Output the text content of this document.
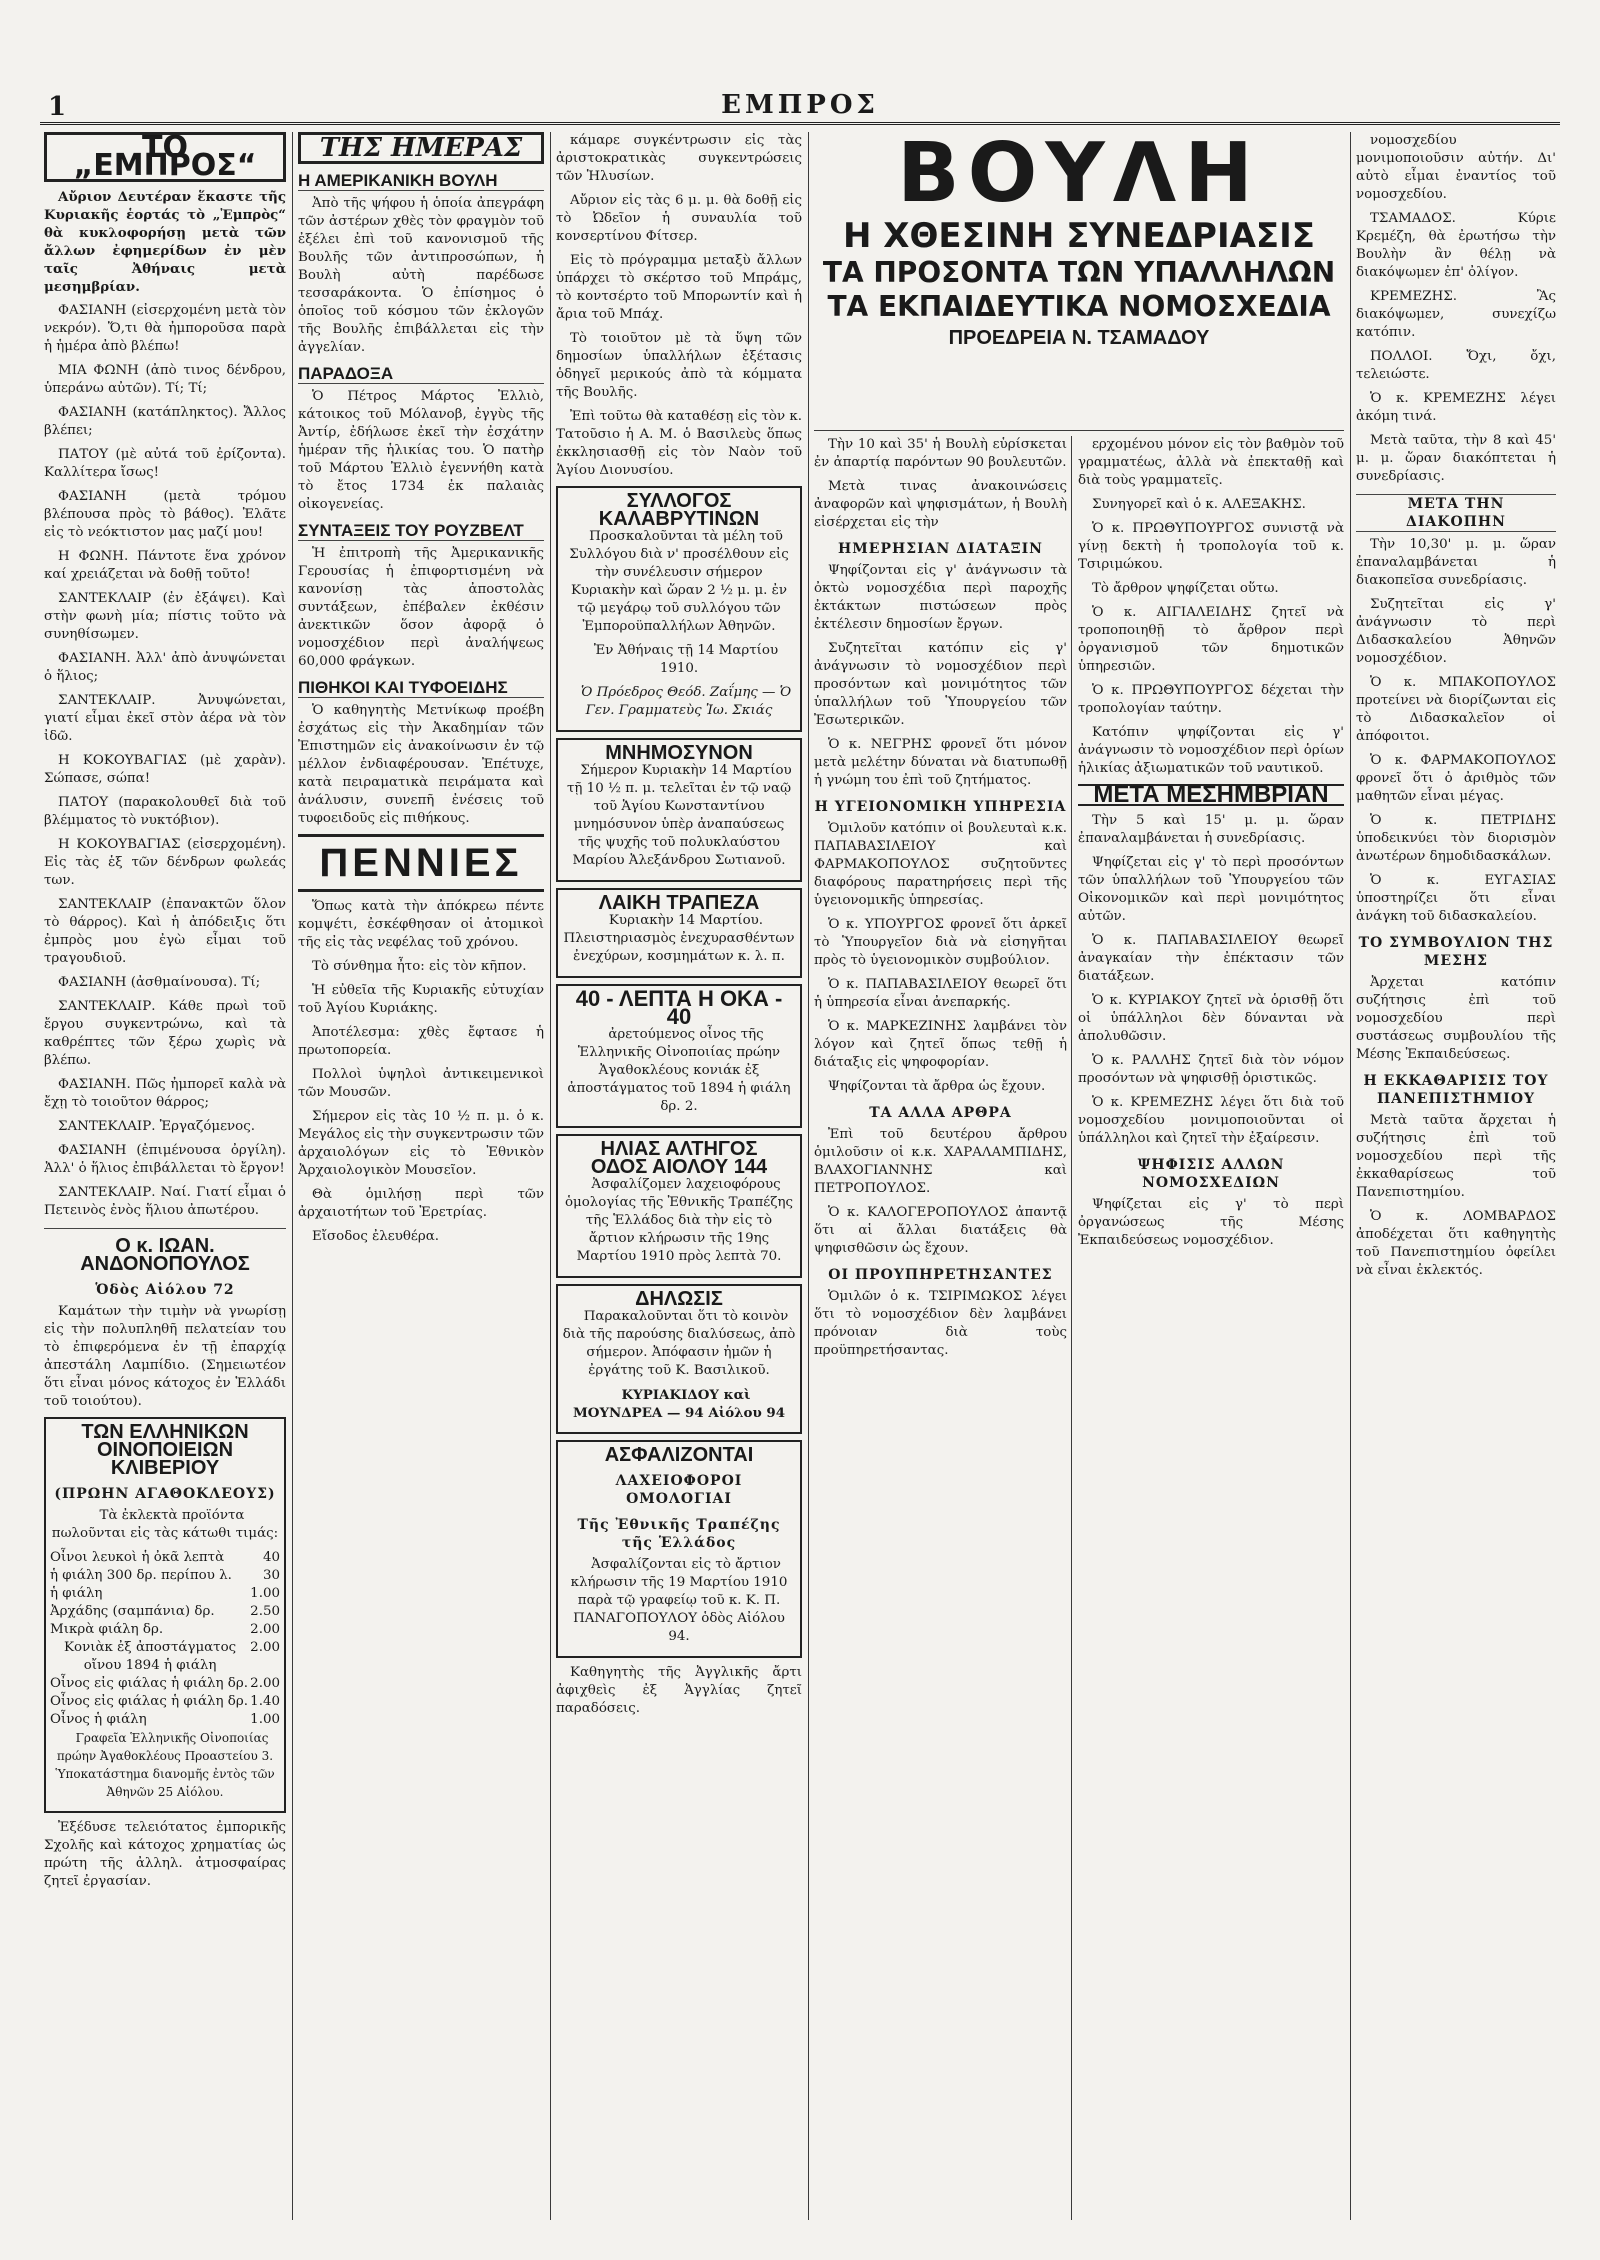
1	ΕΜΠΡΟΣ
ΤΟ „ΕΜΠΡΟΣ“

Αὔριον Δευτέραν ἕκαστε τῆς Κυριακῆς ἑορτάς τὸ „Ἐμπρὸς“ θὰ κυκλοφορήσῃ μετὰ τῶν ἄλλων ἐφημερίδων ἐν μὲν ταῖς Ἀθήναις μετὰ μεσημβρίαν.

ΦΑΣΙΑΝΗ (εἰσερχομένη μετὰ τὸν νεκρόν). Ὅ,τι θὰ ἠμποροῦσα παρὰ ἡ ἡμέρα ἀπὸ βλέπω!

ΜΙΑ ΦΩΝΗ (ἀπὸ τινος δένδρου, ὑπεράνω αὐτῶν). Τί; Τί;

ΦΑΣΙΑΝΗ (κατάπληκτος). Ἄλλος βλέπει;

ΠΑΤΟΥ (μὲ αὐτά τοῦ ἐρίζοντα). Καλλίτερα ἴσως!

ΦΑΣΙΑΝΗ (μετὰ τρόμου βλέπουσα πρὸς τὸ βάθος). Ἐλᾶτε εἰς τὸ νεόκτιστον μας μαζί μου!

Η ΦΩΝΗ. Πάντοτε ἕνα χρόνον καί χρειάζεται νὰ δοθῇ τοῦτο!

ΣΑΝΤΕΚΛΑΙΡ (ἐν ἐξάψει). Καὶ στὴν φωνὴ μία; πίστις τοῦτο νὰ συνηθίσωμεν.

ΦΑΣΙΑΝΗ. Ἀλλ' ἀπὸ ἀνυψώνεται ὁ ἥλιος;

ΣΑΝΤΕΚΛΑΙΡ. Ἀνυψώνεται, γιατί εἶμαι ἐκεῖ στὸν ἀέρα νὰ τὸν ἰδῶ.

Η ΚΟΚΟΥΒΑΓΙΑΣ (μὲ χαρὰν). Σώπασε, σώπα!

ΠΑΤΟΥ (παρακολουθεῖ διὰ τοῦ βλέμματος τὸ νυκτόβιον).

Η ΚΟΚΟΥΒΑΓΙΑΣ (εἰσερχομένη). Εἰς τὰς ἑξ τῶν δένδρων φωλεάς των.

ΣΑΝΤΕΚΛΑΙΡ (ἐπανακτῶν ὅλον τὸ θάρρος). Καὶ ἡ ἀπόδειξις ὅτι ἐμπρὸς μου ἐγὼ εἶμαι τοῦ τραγουδιοῦ.

ΦΑΣΙΑΝΗ (ἀσθμαίνουσα). Τί;

ΣΑΝΤΕΚΛΑΙΡ. Κάθε πρωὶ τοῦ ἔργου συγκεντρώνω, καὶ τὰ καθρέπτες τῶν ξέρω χωρὶς νὰ βλέπω.

ΦΑΣΙΑΝΗ. Πῶς ἠμπορεῖ καλὰ νὰ ἔχῃ τὸ τοιοῦτον θάρρος;

ΣΑΝΤΕΚΛΑΙΡ. Ἐργαζόμενος.

ΦΑΣΙΑΝΗ (ἐπιμένουσα ὀργίλη). Ἀλλ' ὁ ἥλιος ἐπιβάλλεται τὸ ἔργον!

ΣΑΝΤΕΚΛΑΙΡ. Ναί. Γιατί εἶμαι ὁ Πετεινὸς ἐνὸς ἥλιου ἀπωτέρου.

Ο κ. ΙΩΑΝ. ΑΝΔΟΝΟΠΟΥΛΟΣ
Ὁδὸς Αἰόλου 72

Καμάτων τὴν τιμὴν νὰ γνωρίσῃ εἰς τὴν πολυπληθῆ πελατείαν του τὸ ἐπιφερόμενα ἐν τῇ ἐπαρχίᾳ ἀπεστάλη Λαμπίδιο. (Σημειωτέον ὅτι εἶναι μόνος κάτοχος ἐν Ἑλλάδι τοῦ τοιούτου).

ΤΩΝ ΕΛΛΗΝΙΚΩΝ ΟΙΝΟΠΟΙΕΙΩΝ ΚΛΙΒΕΡΙΟΥ
(ΠΡΩΗΝ ΑΓΑΘΟΚΛΕΟΥΣ)

Τὰ ἐκλεκτὰ προϊόντα πωλοῦνται εἰς τὰς κάτωθι τιμάς:

Οἶνοι λευκοὶ ἡ ὀκᾶ λεπτὰ	40
ἡ φιάλη 300 δρ. περίπου λ. 30
ἡ φιάλη	1.00
Ἀρχάδης (σαμπάνια) δρ.	2.50
Μικρὰ φιάλη δρ.	2.00
Κονιὰκ ἐξ ἀποστάγματος οἴνου 1894 ἡ φιάλη
2.00
Οἶνος εἰς φιάλας ἡ φιάλη δρ. 2.00
Οἶνος εἰς φιάλας ἡ φιάλη δρ. 1.40
Οἶνος ἡ φιάλη	1.00

Γραφεῖα Ἑλληνικῆς Οἰνοποιίας πρώην Ἀγαθοκλέους Προαστείου 3. Ὑποκατάστημα διανομῆς ἐντὸς τῶν Ἀθηνῶν 25 Αἰόλου.

Ἐξέδυσε τελειότατος ἐμπορικῆς Σχολῆς καὶ κάτοχος χρηματίας ὡς πρώτη τῆς ἀλληλ. ἀτμοσφαίρας ζητεῖ ἐργασίαν.

ΤΗΣ ΗΜΕΡΑΣ
Η ΑΜΕΡΙΚΑΝΙΚΗ ΒΟΥΛΗ

Ἀπὸ τῆς ψήφου ἡ ὁποία ἀπεγράφη τῶν ἀστέρων χθὲς τὸν φραγμὸν τοῦ ἐξέλει ἐπὶ τοῦ κανονισμοῦ τῆς Βουλῆς τῶν ἀντιπροσώπων, ἡ Βουλὴ αὐτὴ παρέδωσε τεσσαράκοντα. Ὁ ἐπίσημος ὁ ὁποῖος τοῦ κόσμου τῶν ἐκλογῶν τῆς Βουλῆς ἐπιβάλλεται εἰς τὴν ἀγγελίαν.

ΠΑΡΑΔΟΞΑ

Ὁ Πέτρος Μάρτος Ἐλλιὸ, κάτοικος τοῦ Μόλανοβ, ἐγγὺς τῆς Ἀντίρ, ἐδήλωσε ἐκεῖ τὴν ἐσχάτην ἡμέραν τῆς ἡλικίας του. Ὁ πατὴρ τοῦ Μάρτου Ἐλλιὸ ἐγεννήθη κατὰ τὸ ἔτος 1734 ἐκ παλαιὰς οἰκογενείας.

ΣΥΝΤΑΞΕΙΣ ΤΟΥ ΡΟΥΖΒΕΛΤ

Ἡ ἐπιτροπὴ τῆς Ἀμερικανικῆς Γερουσίας ἡ ἐπιφορτισμένη νὰ κανονίσῃ τὰς ἀποστολὰς συντάξεων, ἐπέβαλεν ἐκθέσιν ἀνεκτικῶν ὅσον ἀφορᾷ ὁ νομοσχέδιον περὶ ἀναλήψεως 60,000 φράγκων.

ΠΙΘΗΚΟΙ ΚΑΙ ΤΥΦΟΕΙΔΗΣ

Ὁ καθηγητὴς Μετνίκωφ προέβη ἐσχάτως εἰς τὴν Ἀκαδημίαν τῶν Ἐπιστημῶν εἰς ἀνακοίνωσιν ἐν τῷ μέλλον ἐνδιαφέρουσαν. Ἐπέτυχε, κατὰ πειραματικὰ πειράματα καὶ ἀνάλυσιν, συνεπῆ ἐνέσεις τοῦ τυφοειδοῦς εἰς πιθήκους.

ΠΕΝΝΙΕΣ

Ὅπως κατὰ τὴν ἀπόκρεω πέντε κομψέτι, ἐσκέφθησαν οἱ ἀτομικοὶ τῆς εἰς τὰς νεφέλας τοῦ χρόνου.

Τὸ σύνθημα ἦτο: εἰς τὸν κῆπον.

Ἡ εὐθεῖα τῆς Κυριακῆς εὐτυχίαν τοῦ Ἀγίου Κυριάκης.

Ἀποτέλεσμα: χθὲς ἔφτασε ἡ πρωτοπορεία.

Πολλοὶ ὑψηλοὶ ἀντικειμενικοὶ τῶν Μουσῶν.

Σήμερον εἰς τὰς 10 ½ π. μ. ὁ κ. Μεγάλος εἰς τὴν συγκεντρωσιν τῶν ἀρχαιολόγων εἰς τὸ Ἐθνικὸν Ἀρχαιολογικὸν Μουσεῖον.

Θὰ ὁμιλήσῃ περὶ τῶν ἀρχαιοτήτων τοῦ Ἐρετρίας.

Εἴσοδος ἐλευθέρα.

κάμαρε συγκέντρωσιν εἰς τὰς ἀριστοκρατικὰς συγκεντρώσεις τῶν Ἡλυσίων.

Αὔριον εἰς τὰς 6 μ. μ. θὰ δοθῇ εἰς τὸ Ὠδεῖον ἡ συναυλία τοῦ κονσερτίνου Φίτσερ.

Εἰς τὸ πρόγραμμα μεταξὺ ἄλλων ὑπάρχει τὸ σκέρτσο τοῦ Μπράμς, τὸ κοντσέρτο τοῦ Μπορωντίν καὶ ἡ ἄρια τοῦ Μπάχ.

Τὸ τοιοῦτον μὲ τὰ ὕψη τῶν δημοσίων ὑπαλλήλων ἐξέτασις ὁδηγεῖ μερικούς ἀπὸ τὰ κόμματα τῆς Βουλῆς.

Ἐπὶ τοῦτω θὰ καταθέσῃ εἰς τὸν κ. Τατοῦσιο ἡ Α. Μ. ὁ Βασιλεὺς ὅπως ἐκκλησιασθῇ εἰς τὸν Ναὸν τοῦ Ἁγίου Διονυσίου.

ΣΥΛΛΟΓΟΣ ΚΑΛΑΒΡΥΤΙΝΩΝ

Προσκαλοῦνται τὰ μέλη τοῦ Συλλόγου διὰ ν' προσέλθουν εἰς τὴν συνέλευσιν σήμερον Κυριακὴν καὶ ὥραν 2 ½ μ. μ. ἐν τῷ μεγάρῳ τοῦ συλλόγου τῶν Ἐμποροϋπαλλήλων Ἀθηνῶν.

Ἐν Ἀθήναις τῇ 14 Μαρτίου 1910.

Ὁ Πρόεδρος Θεόδ. Ζαΐμης — Ὁ Γεν. Γραμματεὺς Ἰω. Σκιάς

ΜΝΗΜΟΣΥΝΟΝ

Σήμερον Κυριακὴν 14 Μαρτίου τῇ 10 ½ π. μ. τελεῖται ἐν τῷ ναῷ τοῦ Ἁγίου Κωνσταντίνου μνημόσυνον ὑπὲρ ἀναπαύσεως τῆς ψυχῆς τοῦ πολυκλαύστου Μαρίου Ἀλεξάνδρου Σωτιανοῦ.

ΛΑΙΚΗ ΤΡΑΠΕΖΑ

Κυριακὴν 14 Μαρτίου. Πλειστηριασμὸς ἐνεχυρασθέντων ἐνεχύρων, κοσμημάτων κ. λ. π.

40 - ΛΕΠΤΑ Η ΟΚΑ - 40

ἀρετούμενος οἶνος τῆς Ἑλληνικῆς Οἰνοποιίας πρώην Ἀγαθοκλέους κονιάκ ἐξ ἀποστάγματος τοῦ 1894 ἡ φιάλη δρ. 2.

ΗΛΙΑΣ ΑΛΤΗΓΟΣ
ΟΔΟΣ ΑΙΟΛΟΥ 144

Ἀσφαλίζομεν λαχειοφόρους ὁμολογίας τῆς Ἐθνικῆς Τραπέζης τῆς Ἑλλάδος διὰ τὴν εἰς τὸ ἄρτιον κλήρωσιν τῆς 19ης Μαρτίου 1910 πρὸς λεπτὰ 70.

ΔΗΛΩΣΙΣ

Παρακαλοῦνται ὅτι τὸ κοινὸν διὰ τῆς παρούσης διαλύσεως, ἀπὸ σήμερον. Ἀπόφασιν ἠμῶν ἡ ἐργάτης τοῦ Κ. Βασιλικοῦ.

ΚΥΡΙΑΚΙΔΟΥ καὶ ΜΟΥΝΔΡΕΑ — 94 Αἰόλου 94

ΑΣΦΑΛΙΖΟΝΤΑΙ
ΛΑΧΕΙΟΦΟΡΟΙ ΟΜΟΛΟΓΙΑΙ
Τῆς Ἐθνικῆς Τραπέζης τῆς Ἑλλάδος

Ἀσφαλίζονται εἰς τὸ ἄρτιον κλήρωσιν τῆς 19 Μαρτίου 1910 παρὰ τῷ γραφείῳ τοῦ κ. Κ. Π. ΠΑΝΑΓΟΠΟΥΛΟΥ ὁδὸς Αἰόλου 94.

Καθηγητὴς τῆς Ἀγγλικῆς ἄρτι ἀφιχθεὶς ἐξ Ἀγγλίας ζητεῖ παραδόσεις.

ΒΟΥΛΗ
Η ΧΘΕΣΙΝΗ ΣΥΝΕΔΡΙΑΣΙΣ
ΤΑ ΠΡΟΣΟΝΤΑ ΤΩΝ ΥΠΑΛΛΗΛΩΝ
ΤΑ ΕΚΠΑΙΔΕΥΤΙΚΑ ΝΟΜΟΣΧΕΔΙΑ
ΠΡΟΕΔΡΕΙΑ Ν. ΤΣΑΜΑΔΟΥ

Τὴν 10 καὶ 35' ἡ Βουλὴ εὑρίσκεται ἐν ἀπαρτίᾳ παρόντων 90 βουλευτῶν.

Μετὰ τινας ἀνακοινώσεις ἀναφορῶν καὶ ψηφισμάτων, ἡ Βουλὴ εἰσέρχεται εἰς τὴν

ΗΜΕΡΗΣΙΑΝ ΔΙΑΤΑΞΙΝ

Ψηφίζονται εἰς γ' ἀνάγνωσιν τὰ ὀκτὼ νομοσχέδια περὶ παροχῆς ἐκτάκτων πιστώσεων πρὸς ἐκτέλεσιν δημοσίων ἔργων.

Συζητεῖται κατόπιν εἰς γ' ἀνάγνωσιν τὸ νομοσχέδιον περὶ προσόντων καὶ μονιμότητος τῶν ὑπαλλήλων τοῦ Ὑπουργείου τῶν Ἐσωτερικῶν.

Ὁ κ. ΝΕΓΡΗΣ φρονεῖ ὅτι μόνον μετὰ μελέτην δύναται νὰ διατυπωθῇ ἡ γνώμη του ἐπὶ τοῦ ζητήματος.

Η ΥΓΕΙΟΝΟΜΙΚΗ ΥΠΗΡΕΣΙΑ

Ὁμιλοῦν κατόπιν οἱ βουλευταὶ κ.κ. ΠΑΠΑΒΑΣΙΛΕΙΟΥ καὶ ΦΑΡΜΑΚΟΠΟΥΛΟΣ συζητοῦντες διαφόρους παρατηρήσεις περὶ τῆς ὑγειονομικῆς ὑπηρεσίας.

Ὁ κ. ΥΠΟΥΡΓΟΣ φρονεῖ ὅτι ἀρκεῖ τὸ Ὑπουργεῖον διὰ νὰ εἰσηγῆται πρὸς τὸ ὑγειονομικὸν συμβούλιον.

Ὁ κ. ΠΑΠΑΒΑΣΙΛΕΙΟΥ θεωρεῖ ὅτι ἡ ὑπηρεσία εἶναι ἀνεπαρκής.

Ὁ κ. ΜΑΡΚΕΖΙΝΗΣ λαμβάνει τὸν λόγον καὶ ζητεῖ ὅπως τεθῇ ἡ διάταξις εἰς ψηφοφορίαν.

Ψηφίζονται τὰ ἄρθρα ὡς ἔχουν.

ΤΑ ΑΛΛΑ ΑΡΘΡΑ

Ἐπὶ τοῦ δευτέρου ἄρθρου ὁμιλοῦσιν οἱ κ.κ. ΧΑΡΑΛΑΜΠΙΔΗΣ, ΒΛΑΧΟΓΙΑΝΝΗΣ καὶ ΠΕΤΡΟΠΟΥΛΟΣ.

Ὁ κ. ΚΑΛΟΓΕΡΟΠΟΥΛΟΣ ἀπαντᾷ ὅτι αἱ ἄλλαι διατάξεις θὰ ψηφισθῶσιν ὡς ἔχουν.

ΟΙ ΠΡΟΥΠΗΡΕΤΗΣΑΝΤΕΣ

Ὁμιλῶν ὁ κ. ΤΣΙΡΙΜΩΚΟΣ λέγει ὅτι τὸ νομοσχέδιον δὲν λαμβάνει πρόνοιαν διὰ τοὺς προϋπηρετήσαντας.

ερχομένου μόνον εἰς τὸν βαθμὸν τοῦ γραμματέως, ἀλλὰ νὰ ἐπεκταθῇ καὶ διὰ τοὺς γραμματεῖς.

Συνηγορεῖ καὶ ὁ κ. ΑΛΕΞΑΚΗΣ.

Ὁ κ. ΠΡΩΘΥΠΟΥΡΓΟΣ συνιστᾷ νὰ γίνῃ δεκτὴ ἡ τροπολογία τοῦ κ. Τσιριμώκου.

Τὸ ἄρθρον ψηφίζεται οὕτω.

Ὁ κ. ΑΙΓΙΑΛΕΙΔΗΣ ζητεῖ νὰ τροποποιηθῇ τὸ ἄρθρον περὶ ὀργανισμοῦ τῶν δημοτικῶν ὑπηρεσιῶν.

Ὁ κ. ΠΡΩΘΥΠΟΥΡΓΟΣ δέχεται τὴν τροπολογίαν ταύτην.

Κατόπιν ψηφίζονται εἰς γ' ἀνάγνωσιν τὸ νομοσχέδιον περὶ ὁρίων ἡλικίας ἀξιωματικῶν τοῦ ναυτικοῦ.

ΜΕΤΑ ΜΕΣΗΜΒΡΙΑΝ

Τὴν 5 καὶ 15' μ. μ. ὥραν ἐπαναλαμβάνεται ἡ συνεδρίασις.

Ψηφίζεται εἰς γ' τὸ περὶ προσόντων τῶν ὑπαλλήλων τοῦ Ὑπουργείου τῶν Οἰκονομικῶν καὶ περὶ μονιμότητος αὐτῶν.

Ὁ κ. ΠΑΠΑΒΑΣΙΛΕΙΟΥ θεωρεῖ ἀναγκαίαν τὴν ἐπέκτασιν τῶν διατάξεων.

Ὁ κ. ΚΥΡΙΑΚΟΥ ζητεῖ νὰ ὁρισθῇ ὅτι οἱ ὑπάλληλοι δὲν δύνανται νὰ ἀπολυθῶσιν.

Ὁ κ. ΡΑΛΛΗΣ ζητεῖ διὰ τὸν νόμον προσόντων νὰ ψηφισθῇ ὁριστικῶς.

Ὁ κ. ΚΡΕΜΕΖΗΣ λέγει ὅτι διὰ τοῦ νομοσχεδίου μονιμοποιοῦνται οἱ ὑπάλληλοι καὶ ζητεῖ τὴν ἐξαίρεσιν.

ΨΗΦΙΣΙΣ ΑΛΛΩΝ ΝΟΜΟΣΧΕΔΙΩΝ

Ψηφίζεται εἰς γ' τὸ περὶ ὀργανώσεως τῆς Μέσης Ἐκπαιδεύσεως νομοσχέδιον.

νομοσχεδίου μονιμοποιοῦσιν αὐτήν. Δι' αὐτὸ εἶμαι ἐναντίος τοῦ νομοσχεδίου.

ΤΣΑΜΑΔΟΣ. Κύριε Κρεμέζη, θὰ ἐρωτήσω τὴν Βουλὴν ἂν θέλῃ νὰ διακόψωμεν ἐπ' ὀλίγον.

ΚΡΕΜΕΖΗΣ. Ἂς διακόψωμεν, συνεχίζω κατόπιν.

ΠΟΛΛΟΙ. Ὄχι, ὄχι, τελειώστε.

Ὁ κ. ΚΡΕΜΕΖΗΣ λέγει ἀκόμη τινά.

Μετὰ ταῦτα, τὴν 8 καὶ 45' μ. μ. ὥραν διακόπτεται ἡ συνεδρίασις.

ΜΕΤΑ ΤΗΝ ΔΙΑΚΟΠΗΝ

Τὴν 10,30' μ. μ. ὥραν ἐπαναλαμβάνεται ἡ διακοπεῖσα συνεδρίασις.

Συζητεῖται εἰς γ' ἀνάγνωσιν τὸ περὶ Διδασκαλείου Ἀθηνῶν νομοσχέδιον.

Ὁ κ. ΜΠΑΚΟΠΟΥΛΟΣ προτείνει νὰ διορίζωνται εἰς τὸ Διδασκαλεῖον οἱ ἀπόφοιτοι.

Ὁ κ. ΦΑΡΜΑΚΟΠΟΥΛΟΣ φρονεῖ ὅτι ὁ ἀριθμὸς τῶν μαθητῶν εἶναι μέγας.

Ὁ κ. ΠΕΤΡΙΔΗΣ ὑποδεικνύει τὸν διορισμὸν ἀνωτέρων δημοδιδασκάλων.

Ὁ κ. ΕΥΓΑΣΙΑΣ ὑποστηρίζει ὅτι εἶναι ἀνάγκη τοῦ διδασκαλείου.

ΤΟ ΣΥΜΒΟΥΛΙΟΝ ΤΗΣ ΜΕΣΗΣ

Ἀρχεται κατόπιν συζήτησις ἐπὶ τοῦ νομοσχεδίου περὶ συστάσεως συμβουλίου τῆς Μέσης Ἐκπαιδεύσεως.

Η ΕΚΚΑΘΑΡΙΣΙΣ ΤΟΥ ΠΑΝΕΠΙΣΤΗΜΙΟΥ

Μετὰ ταῦτα ἄρχεται ἡ συζήτησις ἐπὶ τοῦ νομοσχεδίου περὶ τῆς ἐκκαθαρίσεως τοῦ Πανεπιστημίου.

Ὁ κ. ΛΟΜΒΑΡΔΟΣ ἀποδέχεται ὅτι καθηγητὴς τοῦ Πανεπιστημίου ὀφείλει νὰ εἶναι ἐκλεκτός.
